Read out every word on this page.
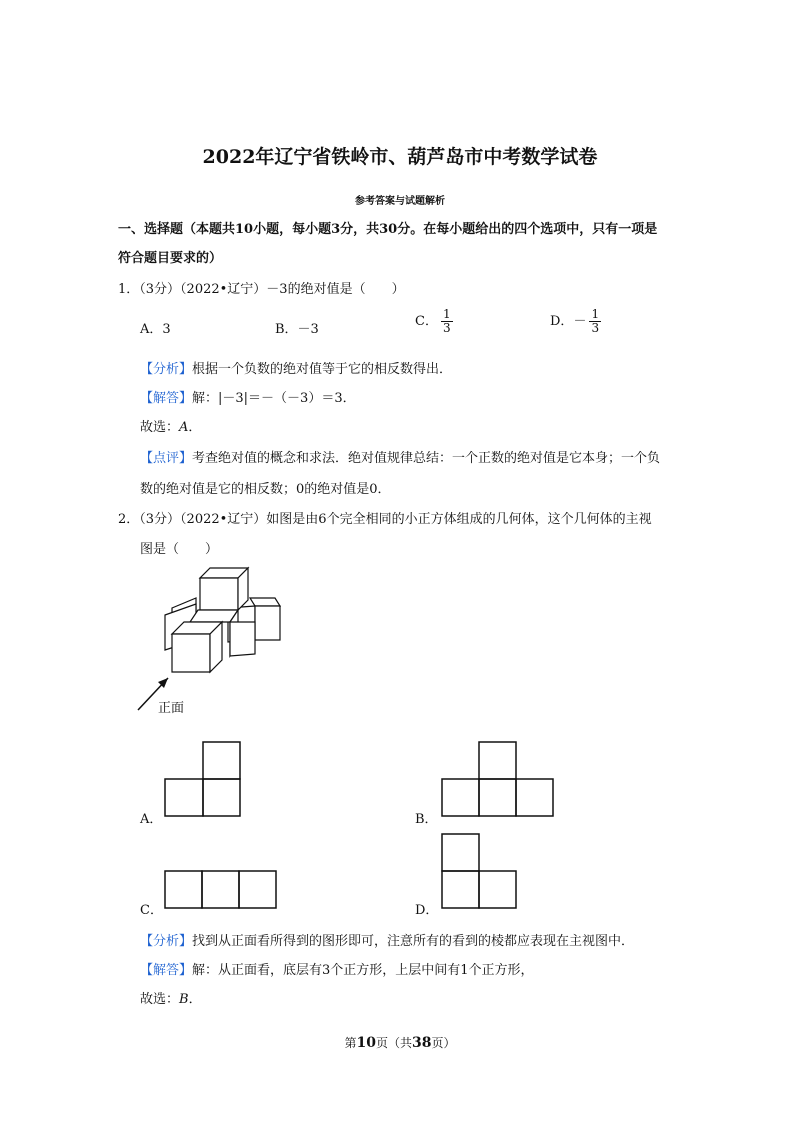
2022年辽宁省铁岭市、葫芦岛市中考数学试卷
参考答案与试题解析
一、选择题（本题共10小题，每小题3分，共30分。在每小题给出的四个选项中，只有一项是
符合题目要求的）
1．（3分）（2022•辽宁）－3的绝对值是（　　）
A．3	B．－3
C． $\frac{1}{3}$	D．－ $\frac{1}{3}$
【分析】根据一个负数的绝对值等于它的相反数得出．
【解答】解：|－3|＝－（－3）＝3．
故选：A．
【点评】考查绝对值的概念和求法．绝对值规律总结：一个正数的绝对值是它本身；一个负
数的绝对值是它的相反数；0的绝对值是0．
2．（3分）（2022•辽宁）如图是由6个完全相同的小正方体组成的几何体，这个几何体的主视
图是（　　）
正面
A．	B．
C．	D．
【分析】找到从正面看所得到的图形即可，注意所有的看到的棱都应表现在主视图中．
【解答】解：从正面看，底层有3个正方形，上层中间有1个正方形，
故选：B．
第10页（共38页）
